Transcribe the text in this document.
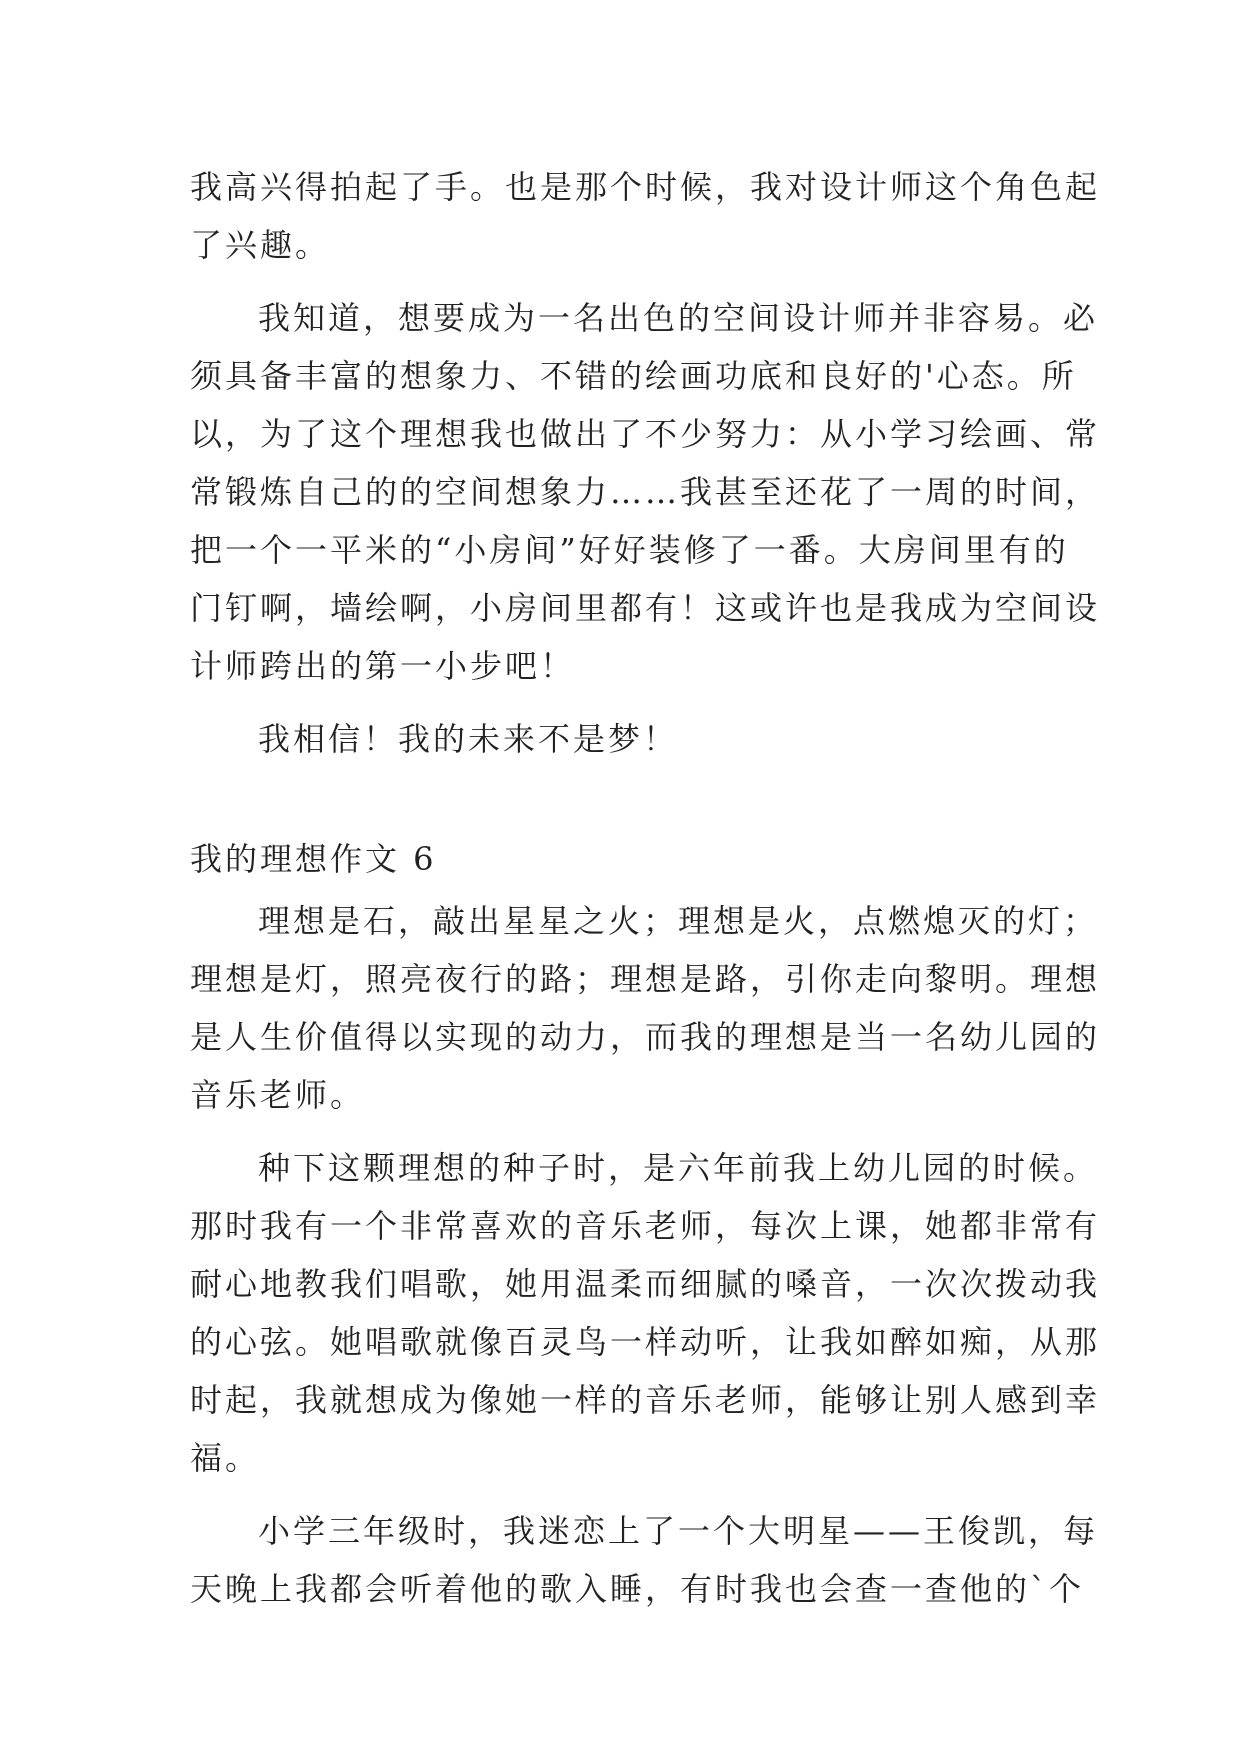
我高兴得拍起了手。也是那个时候，我对设计师这个角色起
了兴趣。

我知道，想要成为一名出色的空间设计师并非容易。必
须具备丰富的想象力、不错的绘画功底和良好的'心态。所
以，为了这个理想我也做出了不少努力：从小学习绘画、常
常锻炼自己的的空间想象力……我甚至还花了一周的时间，
把一个一平米的“小房间”好好装修了一番。大房间里有的
门钉啊，墙绘啊，小房间里都有！这或许也是我成为空间设
计师跨出的第一小步吧！

我相信！我的未来不是梦！

我的理想作文 6

理想是石，敲出星星之火；理想是火，点燃熄灭的灯；
理想是灯，照亮夜行的路；理想是路，引你走向黎明。理想
是人生价值得以实现的动力，而我的理想是当一名幼儿园的
音乐老师。

种下这颗理想的种子时，是六年前我上幼儿园的时候。
那时我有一个非常喜欢的音乐老师，每次上课，她都非常有
耐心地教我们唱歌，她用温柔而细腻的嗓音，一次次拨动我
的心弦。她唱歌就像百灵鸟一样动听，让我如醉如痴，从那
时起，我就想成为像她一样的音乐老师，能够让别人感到幸
福。

小学三年级时，我迷恋上了一个大明星——王俊凯，每
天晚上我都会听着他的歌入睡，有时我也会查一查他的`个
